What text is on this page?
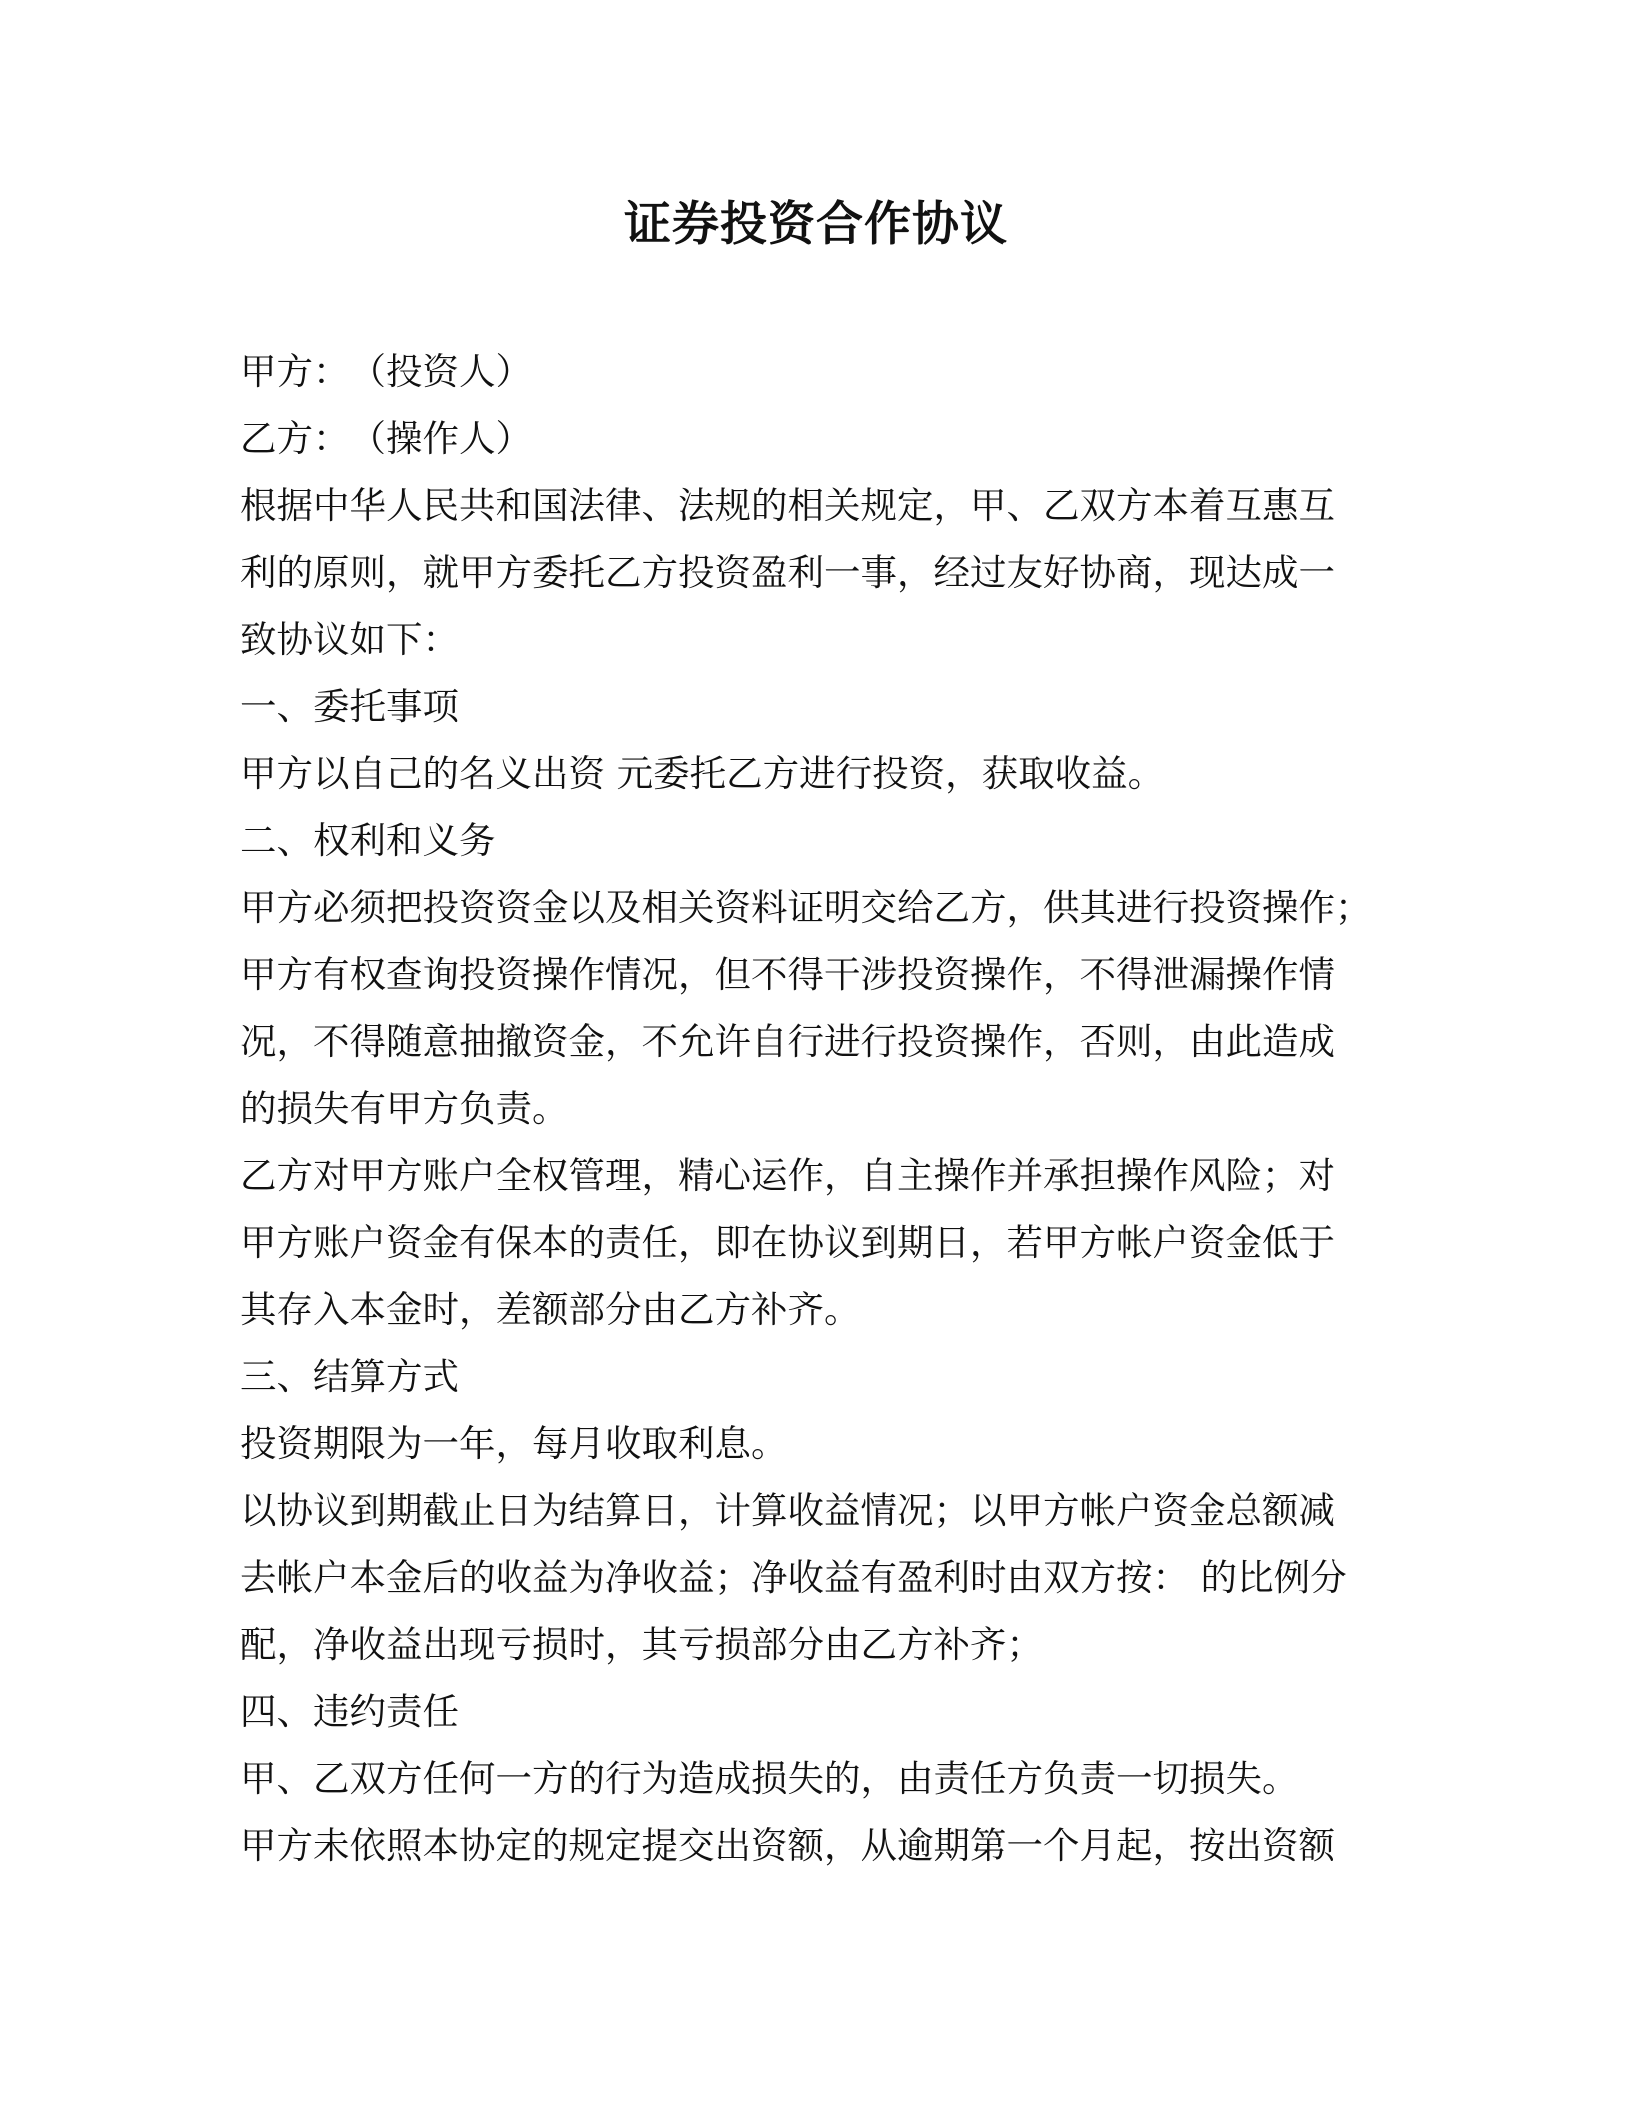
证券投资合作协议

甲方：　（投资人）

乙方：　（操作人）

根据中华人民共和国法律、法规的相关规定，甲、乙双方本着互惠互

利的原则，就甲方委托乙方投资盈利一事，经过友好协商，现达成一

致协议如下：

一、委托事项

甲方以自己的名义出资 元委托乙方进行投资，获取收益。

二、权利和义务

甲方必须把投资资金以及相关资料证明交给乙方，供其进行投资操作；

甲方有权查询投资操作情况，但不得干涉投资操作，不得泄漏操作情

况，不得随意抽撤资金，不允许自行进行投资操作，否则，由此造成

的损失有甲方负责。

乙方对甲方账户全权管理，精心运作，自主操作并承担操作风险；对

甲方账户资金有保本的责任，即在协议到期日，若甲方帐户资金低于

其存入本金时，差额部分由乙方补齐。

三、结算方式

投资期限为一年，每月收取利息。

以协议到期截止日为结算日，计算收益情况；以甲方帐户资金总额减

去帐户本金后的收益为净收益；净收益有盈利时由双方按： 的比例分

配，净收益出现亏损时，其亏损部分由乙方补齐；

四、违约责任

甲、乙双方任何一方的行为造成损失的，由责任方负责一切损失。

甲方未依照本协定的规定提交出资额，从逾期第一个月起，按出资额
